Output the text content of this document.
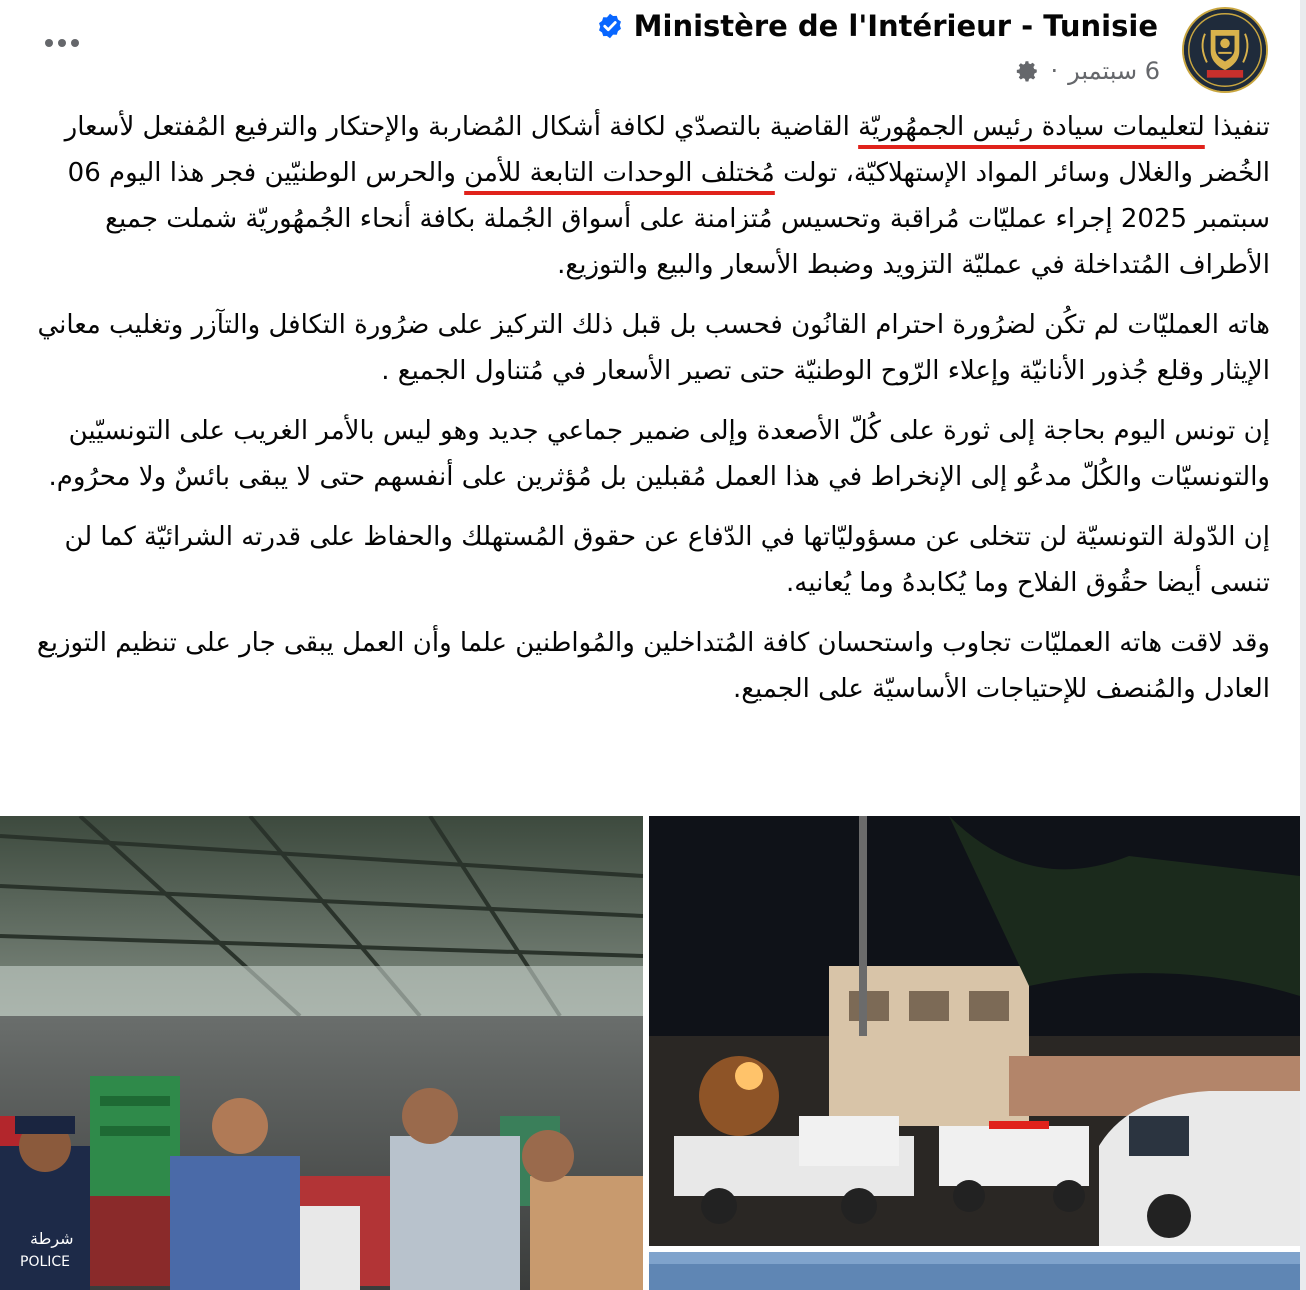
Ministère de l'Intérieur - Tunisie
6 سبتمبر
·

تنفيذا لتعليمات سيادة رئيس الجمهُوريّة القاضية بالتصدّي لكافة أشكال المُضاربة والإحتكار والترفيع المُفتعل لأسعار الخُضر والغلال وسائر المواد الإستهلاكيّة، تولت مُختلف الوحدات التابعة للأمن والحرس الوطنيّين فجر هذا اليوم 06 سبتمبر 2025 إجراء عمليّات مُراقبة وتحسيس مُتزامنة على أسواق الجُملة بكافة أنحاء الجُمهُوريّة شملت جميع الأطراف المُتداخلة في عمليّة التزويد وضبط الأسعار والبيع والتوزيع.

هاته العمليّات لم تكُن لضرُورة احترام القانُون فحسب بل قبل ذلك التركيز على ضرُورة التكافل والتآزر وتغليب معاني الإيثار وقلع جُذور الأنانيّة وإعلاء الرّوح الوطنيّة حتى تصير الأسعار في مُتناول الجميع .

إن تونس اليوم بحاجة إلى ثورة على كُلّ الأصعدة وإلى ضمير جماعي جديد وهو ليس بالأمر الغريب على التونسيّين والتونسيّات والكُلّ مدعُو إلى الإنخراط في هذا العمل مُقبلين بل مُؤثرين على أنفسهم حتى لا يبقى بائسٌ ولا محرُوم.

إن الدّولة التونسيّة لن تتخلى عن مسؤوليّاتها في الدّفاع عن حقوق المُستهلك والحفاظ على قدرته الشرائيّة كما لن تنسى أيضا حقُوق الفلاح وما يُكابدهُ وما يُعانيه.

وقد لاقت هاته العمليّات تجاوب واستحسان كافة المُتداخلين والمُواطنين علما وأن العمل يبقى جار على تنظيم التوزيع العادل والمُنصف للإحتياجات الأساسيّة على الجميع.

POLICE
شرطة
